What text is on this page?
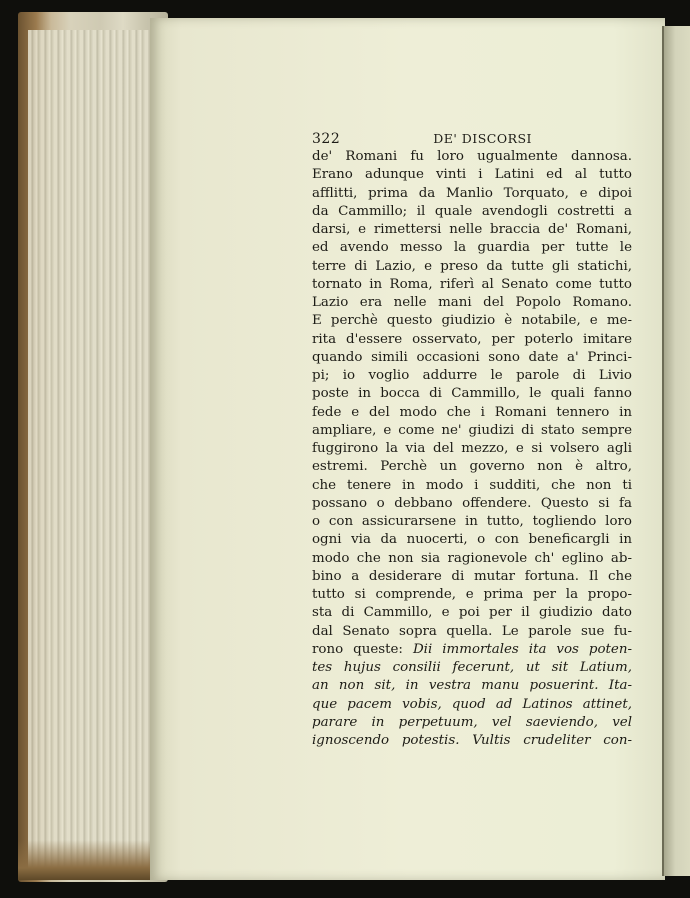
322	DE' DISCORSI
de' Romani fu loro ugualmente dannosa.
Erano adunque vinti i Latini ed al tutto
afflitti, prima da Manlio Torquato, e dipoi
da Cammillo; il quale avendogli costretti a
darsi, e rimettersi nelle braccia de' Romani,
ed avendo messo la guardia per tutte le
terre di Lazio, e preso da tutte gli statichi,
tornato in Roma, riferì al Senato come tutto
Lazio era nelle mani del Popolo Romano.
E perchè questo giudizio è notabile, e me-
rita d'essere osservato, per poterlo imitare
quando simili occasioni sono date a' Princi-
pi; io voglio addurre le parole di Livio
poste in bocca di Cammillo, le quali fanno
fede e del modo che i Romani tennero in
ampliare, e come ne' giudizi di stato sempre
fuggirono la via del mezzo, e si volsero agli
estremi. Perchè un governo non è altro,
che tenere in modo i sudditi, che non ti
possano o debbano offendere. Questo si fa
o con assicurarsene in tutto, togliendo loro
ogni via da nuocerti, o con beneficargli in
modo che non sia ragionevole ch' eglino ab-
bino a desiderare di mutar fortuna. Il che
tutto si comprende, e prima per la propo-
sta di Cammillo, e poi per il giudizio dato
dal Senato sopra quella. Le parole sue fu-
rono queste: Dii immortales ita vos poten-
tes hujus consilii fecerunt, ut sit Latium,
an non sit, in vestra manu posuerint. Ita-
que pacem vobis, quod ad Latinos attinet,
parare in perpetuum, vel saeviendo, vel
ignoscendo potestis. Vultis crudeliter con-
